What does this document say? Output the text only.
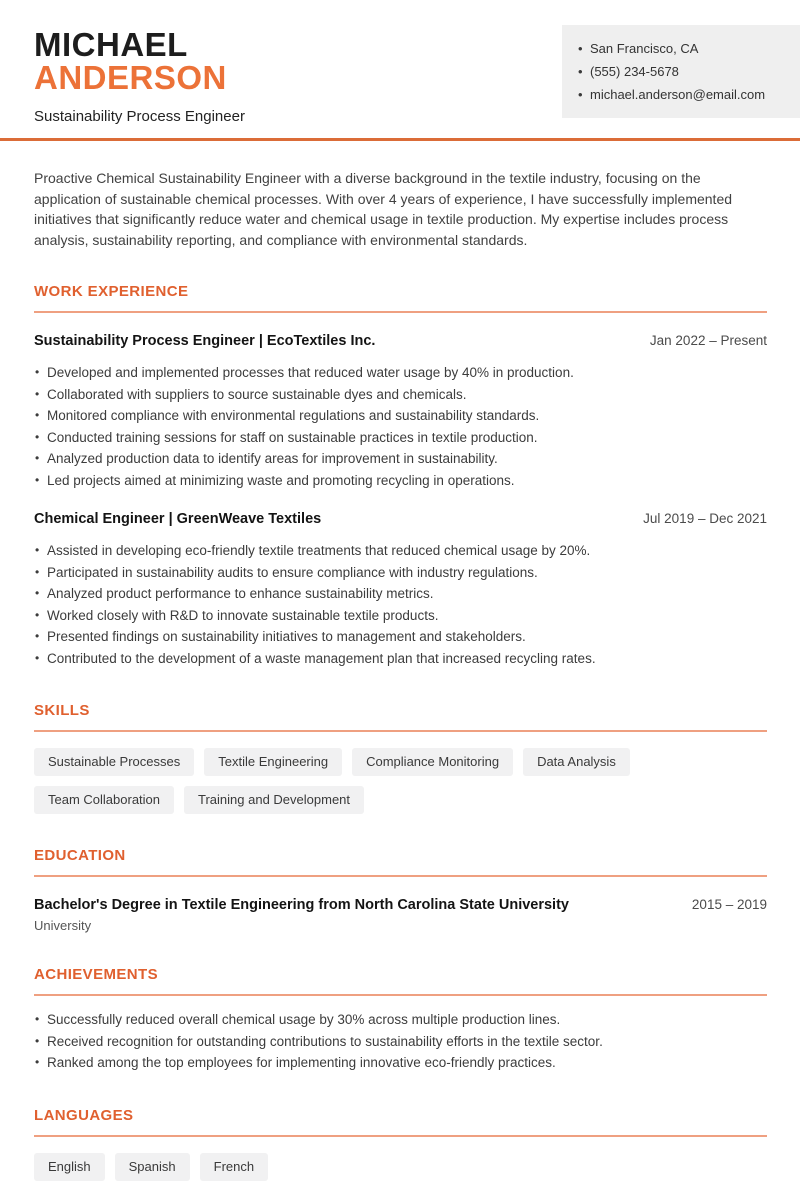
MICHAEL
ANDERSON
Sustainability Process Engineer
• San Francisco, CA
• (555) 234-5678
• michael.anderson@email.com

Proactive Chemical Sustainability Engineer with a diverse background in the textile industry, focusing on the application of sustainable chemical processes. With over 4 years of experience, I have successfully implemented initiatives that significantly reduce water and chemical usage in textile production. My expertise includes process analysis, sustainability reporting, and compliance with environmental standards.

WORK EXPERIENCE
Sustainability Process Engineer | EcoTextiles Inc.	Jan 2022 – Present
• Developed and implemented processes that reduced water usage by 40% in production.
• Collaborated with suppliers to source sustainable dyes and chemicals.
• Monitored compliance with environmental regulations and sustainability standards.
• Conducted training sessions for staff on sustainable practices in textile production.
• Analyzed production data to identify areas for improvement in sustainability.
• Led projects aimed at minimizing waste and promoting recycling in operations.
Chemical Engineer | GreenWeave Textiles	Jul 2019 – Dec 2021
• Assisted in developing eco-friendly textile treatments that reduced chemical usage by 20%.
• Participated in sustainability audits to ensure compliance with industry regulations.
• Analyzed product performance to enhance sustainability metrics.
• Worked closely with R&D to innovate sustainable textile products.
• Presented findings on sustainability initiatives to management and stakeholders.
• Contributed to the development of a waste management plan that increased recycling rates.
SKILLS
Sustainable Processes	Textile Engineering	Compliance Monitoring	Data Analysis
Team Collaboration	Training and Development
EDUCATION
Bachelor's Degree in Textile Engineering from North Carolina State University	2015 – 2019
University
ACHIEVEMENTS
• Successfully reduced overall chemical usage by 30% across multiple production lines.
• Received recognition for outstanding contributions to sustainability efforts in the textile sector.
• Ranked among the top employees for implementing innovative eco-friendly practices.
LANGUAGES
English	Spanish	French
